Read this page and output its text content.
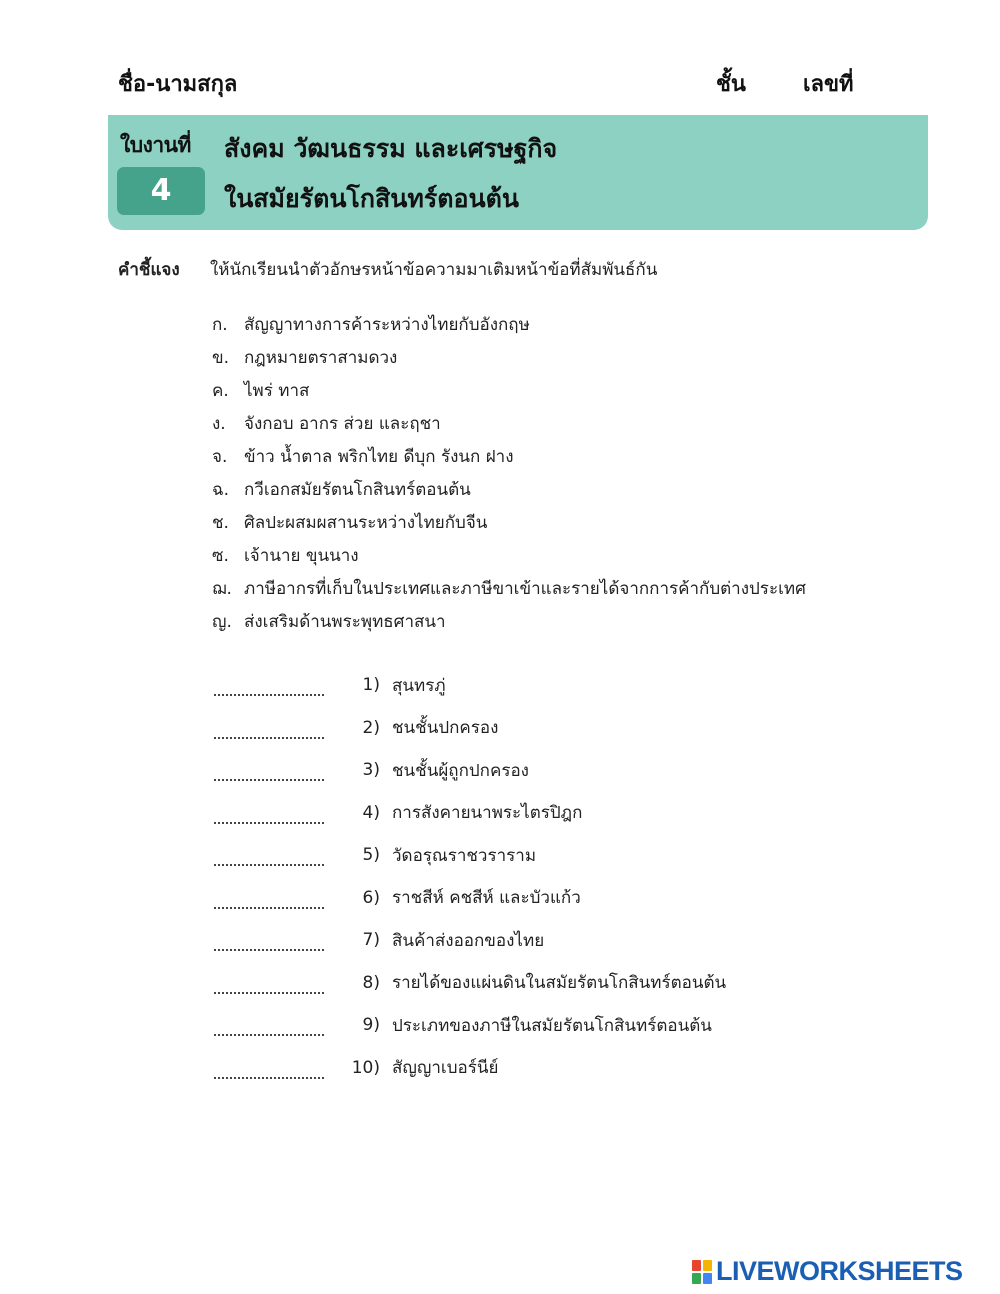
ชื่อ-นามสกุล	ชั้น	เลขที่
ใบงานที่
4
สังคม วัฒนธรรม และเศรษฐกิจ
ในสมัยรัตนโกสินทร์ตอนต้น
คำชี้แจง ให้นักเรียนนำตัวอักษรหน้าข้อความมาเติมหน้าข้อที่สัมพันธ์กัน
ก. สัญญาทางการค้าระหว่างไทยกับอังกฤษ
ข. กฎหมายตราสามดวง
ค. ไพร่ ทาส
ง.	จังกอบ อากร ส่วย และฤชา
จ. ข้าว น้ำตาล พริกไทย ดีบุก รังนก ฝาง
ฉ. กวีเอกสมัยรัตนโกสินทร์ตอนต้น
ช. ศิลปะผสมผสานระหว่างไทยกับจีน
ซ. เจ้านาย ขุนนาง
ฌ. ภาษีอากรที่เก็บในประเทศและภาษีขาเข้าและรายได้จากการค้ากับต่างประเทศ
ญ. ส่งเสริมด้านพระพุทธศาสนา
1) สุนทรภู่
2) ชนชั้นปกครอง
3) ชนชั้นผู้ถูกปกครอง
4) การสังคายนาพระไตรปิฎก
5) วัดอรุณราชวราราม
6) ราชสีห์ คชสีห์ และบัวแก้ว
7) สินค้าส่งออกของไทย
8) รายได้ของแผ่นดินในสมัยรัตนโกสินทร์ตอนต้น
9) ประเภทของภาษีในสมัยรัตนโกสินทร์ตอนต้น
10) สัญญาเบอร์นีย์
LIVEWORKSHEETS
